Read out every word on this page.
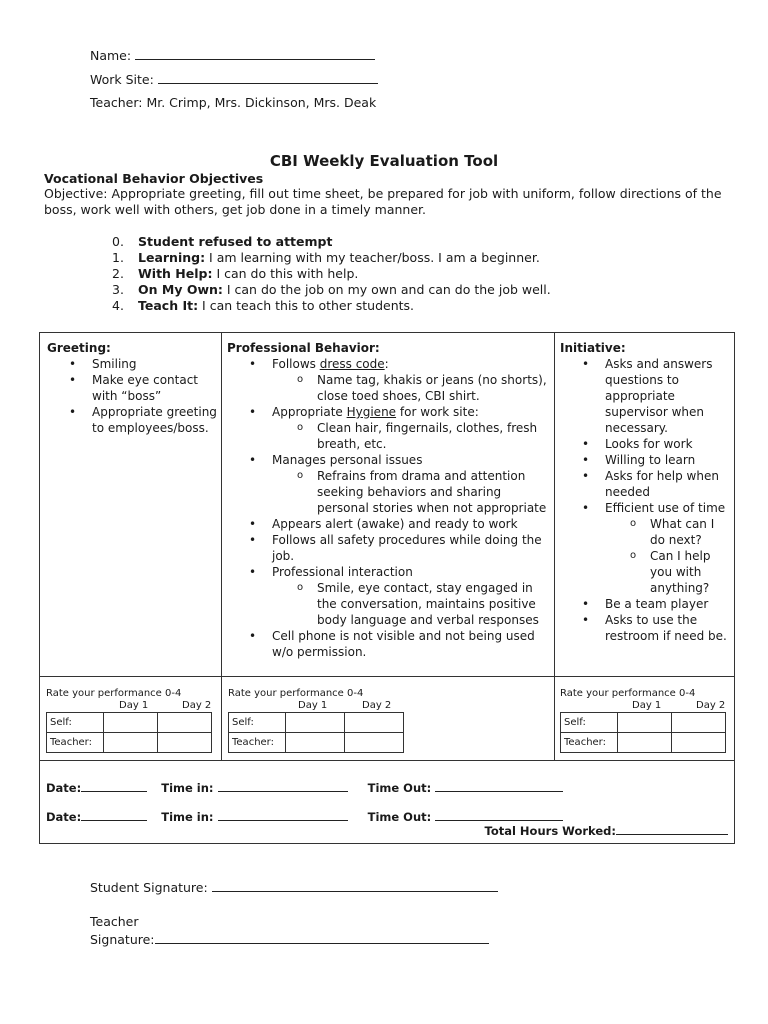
Name:
Work Site:
Teacher: Mr. Crimp, Mrs. Dickinson, Mrs. Deak
CBI Weekly Evaluation Tool
Vocational Behavior Objectives
Objective: Appropriate greeting, fill out time sheet, be prepared for job with uniform, follow directions of the boss, work well with others, get job done in a timely manner.
0. Student refused to attempt
1. Learning: I am learning with my teacher/boss. I am a beginner.
2. With Help: I can do this with help.
3. On My Own: I can do the job on my own and can do the job well.
4. Teach It: I can teach this to other students.
Greeting:
• Smiling
• Make eye contact with “boss”
• Appropriate greeting to employees/boss.
Professional Behavior:
• Follows dress code:
o Name tag, khakis or jeans (no shorts), close toed shoes, CBI shirt.
• Appropriate Hygiene for work site:
o Clean hair, fingernails, clothes, fresh breath, etc.
• Manages personal issues
o Refrains from drama and attention seeking behaviors and sharing personal stories when not appropriate
• Appears alert (awake) and ready to work
• Follows all safety procedures while doing the job.
• Professional interaction
o Smile, eye contact, stay engaged in the conversation, maintains positive body language and verbal responses
• Cell phone is not visible and not being used w/o permission.
Initiative:
• Asks and answers questions to appropriate supervisor when necessary.
• Looks for work
• Willing to learn
• Asks for help when needed
• Efficient use of time
o What can I do next?
o Can I help you with anything?
• Be a team player
• Asks to use the restroom if need be.
Rate your performance 0-4
Day 1	Day 2
Self:		
Teacher:		
Rate your performance 0-4
Day 1	Day 2
Self:		
Teacher:		
Rate your performance 0-4
Day 1	Day 2
Self:		
Teacher:		
Date:	Time in:	Time Out:
Date:	Time in:	Time Out:
Total Hours Worked:
Student Signature:
Teacher
Signature:
